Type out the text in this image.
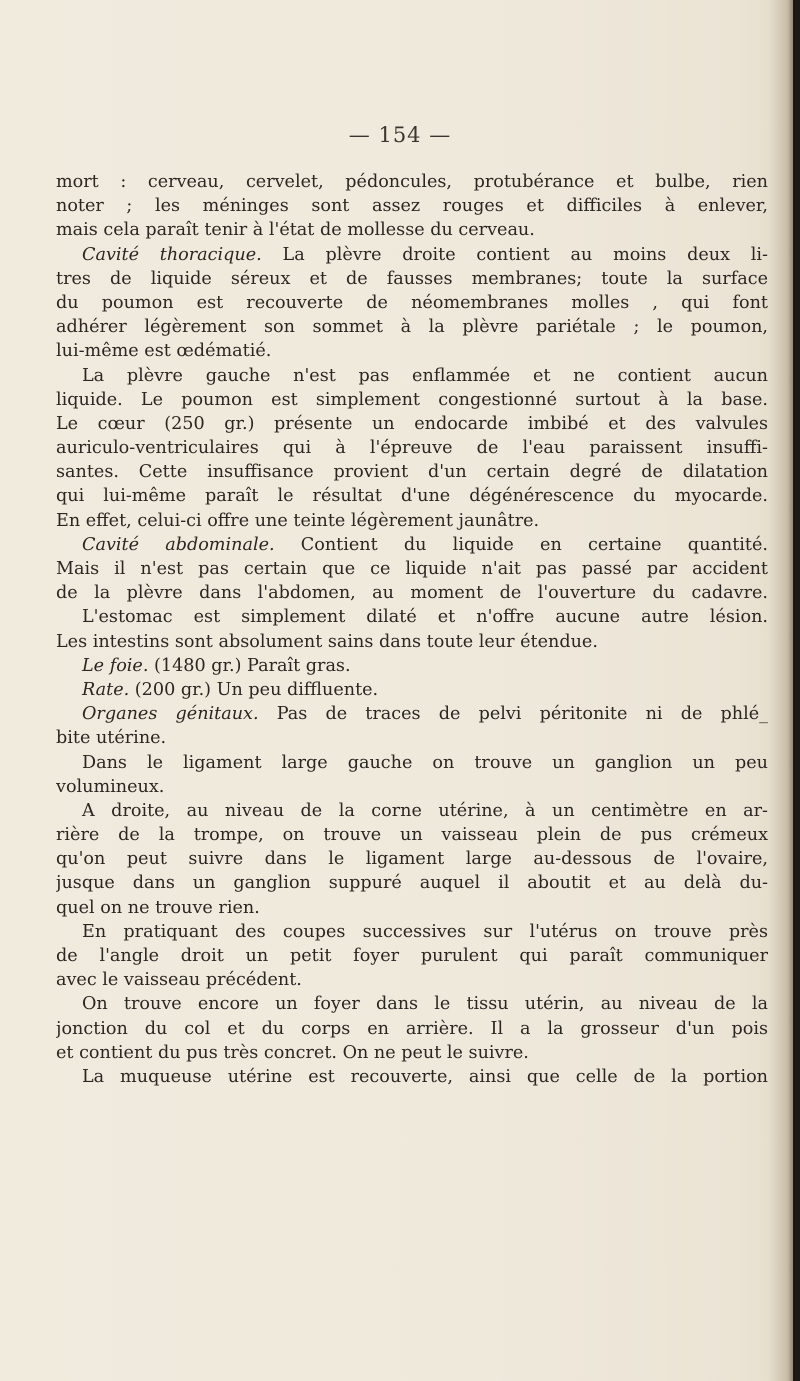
— 154 —
mort : cerveau, cervelet, pédoncules, protubérance et bulbe, rien
noter ; les méninges sont assez rouges et difficiles à enlever,
mais cela paraît tenir à l'état de mollesse du cerveau.
Cavité thoracique. La plèvre droite contient au moins deux li-
tres de liquide séreux et de fausses membranes; toute la surface
du poumon est recouverte de néomembranes molles , qui font
adhérer légèrement son sommet à la plèvre pariétale ; le poumon,
lui-même est œdématié.
La plèvre gauche n'est pas enflammée et ne contient aucun
liquide. Le poumon est simplement congestionné surtout à la base.
Le cœur (250 gr.) présente un endocarde imbibé et des valvules
auriculo-ventriculaires qui à l'épreuve de l'eau paraissent insuffi-
santes. Cette insuffisance provient d'un certain degré de dilatation
qui lui-même paraît le résultat d'une dégénérescence du myocarde.
En effet, celui-ci offre une teinte légèrement jaunâtre.
Cavité abdominale. Contient du liquide en certaine quantité.
Mais il n'est pas certain que ce liquide n'ait pas passé par accident
de la plèvre dans l'abdomen, au moment de l'ouverture du cadavre.
L'estomac est simplement dilaté et n'offre aucune autre lésion.
Les intestins sont absolument sains dans toute leur étendue.
Le foie. (1480 gr.) Paraît gras.
Rate. (200 gr.) Un peu diffluente.
Organes génitaux. Pas de traces de pelvi péritonite ni de phlé_
bite utérine.
Dans le ligament large gauche on trouve un ganglion un peu
volumineux.
A droite, au niveau de la corne utérine, à un centimètre en ar-
rière de la trompe, on trouve un vaisseau plein de pus crémeux
qu'on peut suivre dans le ligament large au-dessous de l'ovaire,
jusque dans un ganglion suppuré auquel il aboutit et au delà du-
quel on ne trouve rien.
En pratiquant des coupes successives sur l'utérus on trouve près
de l'angle droit un petit foyer purulent qui paraît communiquer
avec le vaisseau précédent.
On trouve encore un foyer dans le tissu utérin, au niveau de la
jonction du col et du corps en arrière. Il a la grosseur d'un pois
et contient du pus très concret. On ne peut le suivre.
La muqueuse utérine est recouverte, ainsi que celle de la portion
